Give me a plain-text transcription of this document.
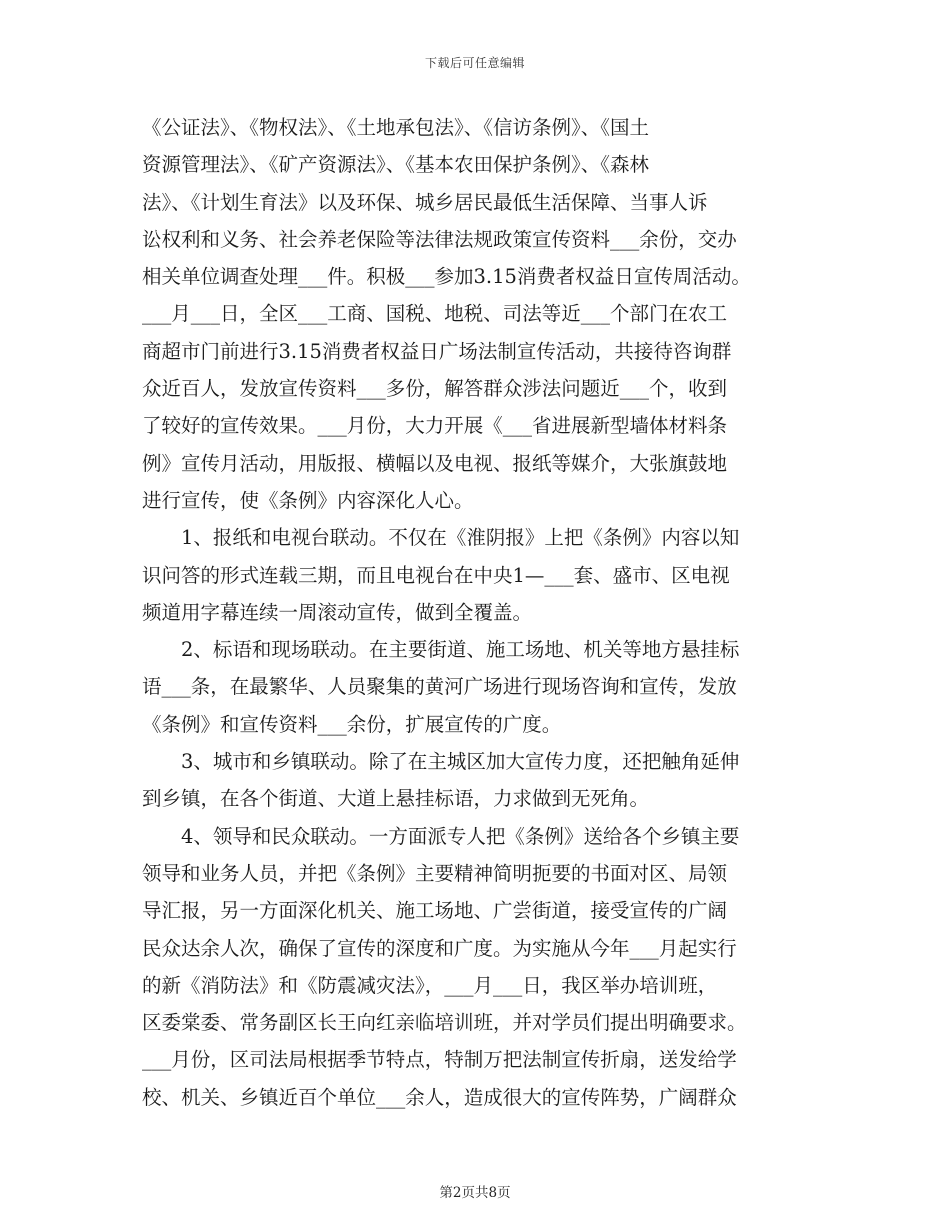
下载后可任意编辑
《公证法》、《物权法》、《土地承包法》、《信访条例》、《国土
资源管理法》、《矿产资源法》、《基本农田保护条例》、《森林
法》、《计划生育法》以及环保、城乡居民最低生活保障、当事人诉
讼权利和义务、社会养老保险等法律法规政策宣传资料___余份，交办
相关单位调查处理___件。积极___参加3.15消费者权益日宣传周活动。
___月___日，全区___工商、国税、地税、司法等近___个部门在农工
商超市门前进行3.15消费者权益日广场法制宣传活动，共接待咨询群
众近百人，发放宣传资料___多份，解答群众涉法问题近___个，收到
了较好的宣传效果。___月份，大力开展《___省进展新型墙体材料条
例》宣传月活动，用版报、横幅以及电视、报纸等媒介，大张旗鼓地
进行宣传，使《条例》内容深化人心。
　　1、报纸和电视台联动。不仅在《淮阴报》上把《条例》内容以知
识问答的形式连载三期，而且电视台在中央1—___套、盛市、区电视
频道用字幕连续一周滚动宣传，做到全覆盖。
　　2、标语和现场联动。在主要街道、施工场地、机关等地方悬挂标
语___条，在最繁华、人员聚集的黄河广场进行现场咨询和宣传，发放
《条例》和宣传资料___余份，扩展宣传的广度。
　　3、城市和乡镇联动。除了在主城区加大宣传力度，还把触角延伸
到乡镇，在各个街道、大道上悬挂标语，力求做到无死角。
　　4、领导和民众联动。一方面派专人把《条例》送给各个乡镇主要
领导和业务人员，并把《条例》主要精神简明扼要的书面对区、局领
导汇报，另一方面深化机关、施工场地、广尝街道，接受宣传的广阔
民众达余人次，确保了宣传的深度和广度。为实施从今年___月起实行
的新《消防法》和《防震减灾法》，___月___日，我区举办培训班，
区委棠委、常务副区长王向红亲临培训班，并对学员们提出明确要求。
___月份，区司法局根据季节特点，特制万把法制宣传折扇，送发给学
校、机关、乡镇近百个单位___余人，造成很大的宣传阵势，广阔群众
第2页共8页
